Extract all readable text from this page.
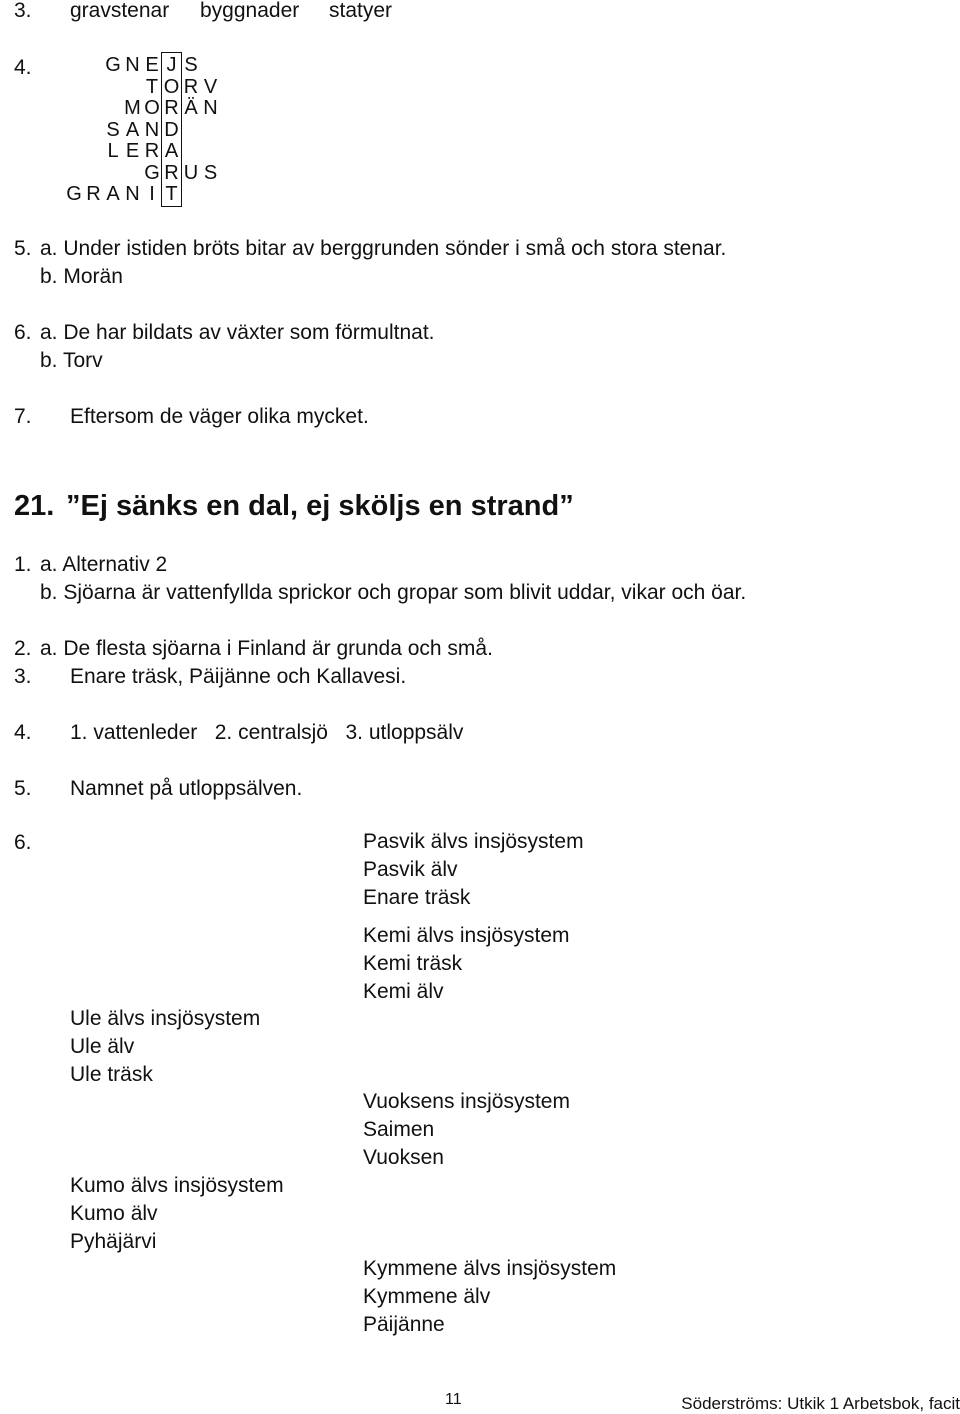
3. gravstenar byggnader statyer
4.	G N E J S
T O R V
M O R Ä N
S A N D
L E R A
G R U S
G R A N I T
5. a. Under istiden bröts bitar av berggrunden sönder i små och stora stenar.
b. Morän
6. a. De har bildats av växter som förmultnat.
b. Torv
7. Eftersom de väger olika mycket.
21. ”Ej sänks en dal, ej sköljs en strand”
1. a. Alternativ 2
b. Sjöarna är vattenfyllda sprickor och gropar som blivit uddar, vikar och öar.
2. a. De flesta sjöarna i Finland är grunda och små.
3. Enare träsk, Päijänne och Kallavesi.
4. 1. vattenleder   2. centralsjö   3. utloppsälv
5. Namnet på utloppsälven.
6.	Pasvik älvs insjösystem
Pasvik älv
Enare träsk
Kemi älvs insjösystem
Kemi träsk
Kemi älv
Vuoksens insjösystem
Saimen
Vuoksen
Kymmene älvs insjösystem
Kymmene älv
Päijänne
Ule älvs insjösystem
Ule älv
Ule träsk
Kumo älvs insjösystem
Kumo älv
Pyhäjärvi
11	Söderströms: Utkik 1 Arbetsbok, facit
